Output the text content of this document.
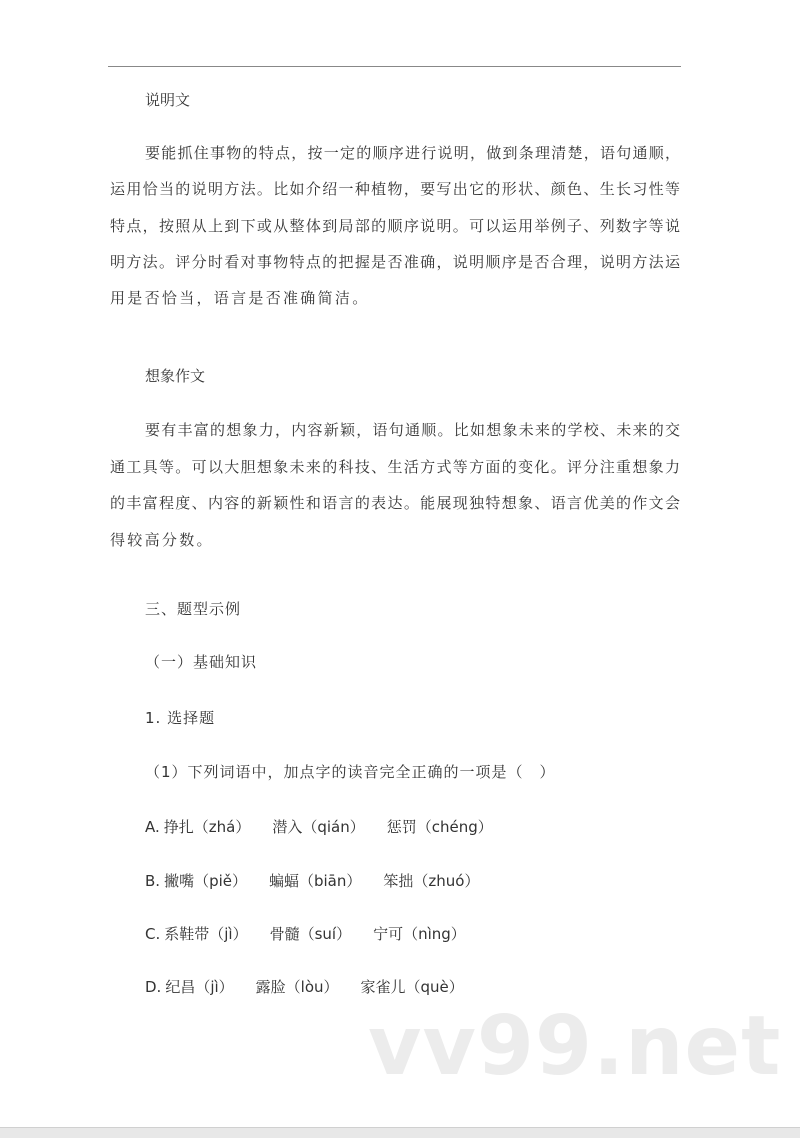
说明文
要能抓住事物的特点，按一定的顺序进行说明，做到条理清楚，语句通顺，
运用恰当的说明方法。比如介绍一种植物，要写出它的形状、颜色、生长习性等
特点，按照从上到下或从整体到局部的顺序说明。可以运用举例子、列数字等说
明方法。评分时看对事物特点的把握是否准确，说明顺序是否合理，说明方法运
用是否恰当，语言是否准确简洁。
想象作文
要有丰富的想象力，内容新颖，语句通顺。比如想象未来的学校、未来的交
通工具等。可以大胆想象未来的科技、生活方式等方面的变化。评分注重想象力
的丰富程度、内容的新颖性和语言的表达。能展现独特想象、语言优美的作文会
得较高分数。
三、题型示例
（一）基础知识
1. 选择题
（1）下列词语中，加点字的读音完全正确的一项是（　）
A. 挣扎（zhá） 潜入（qián） 惩罚（chéng）
B. 撇嘴（piě） 蝙蝠（biān） 笨拙（zhuó）
C. 系鞋带（jì） 骨髓（suí） 宁可（nìng）
D. 纪昌（jì） 露脸（lòu） 家雀儿（què）
vv99.net
